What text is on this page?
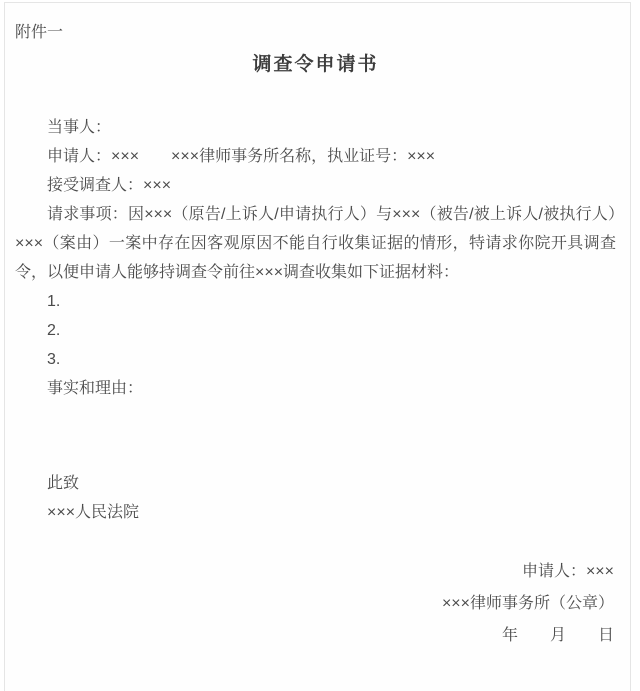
附件一

调查令申请书

当事人：

申请人：×××　　×××律师事务所名称，执业证号：×××

接受调查人：×××

请求事项：因×××（原告/上诉人/申请执行人）与×××（被告/被上诉人/被执行人）×××（案由）一案中存在因客观原因不能自行收集证据的情形，特请求你院开具调查令，以便申请人能够持调查令前往×××调查收集如下证据材料：

1.

2.

3.

事实和理由：

此致

×××人民法院

申请人：×××

×××律师事务所（公章）

年　　月　　日
